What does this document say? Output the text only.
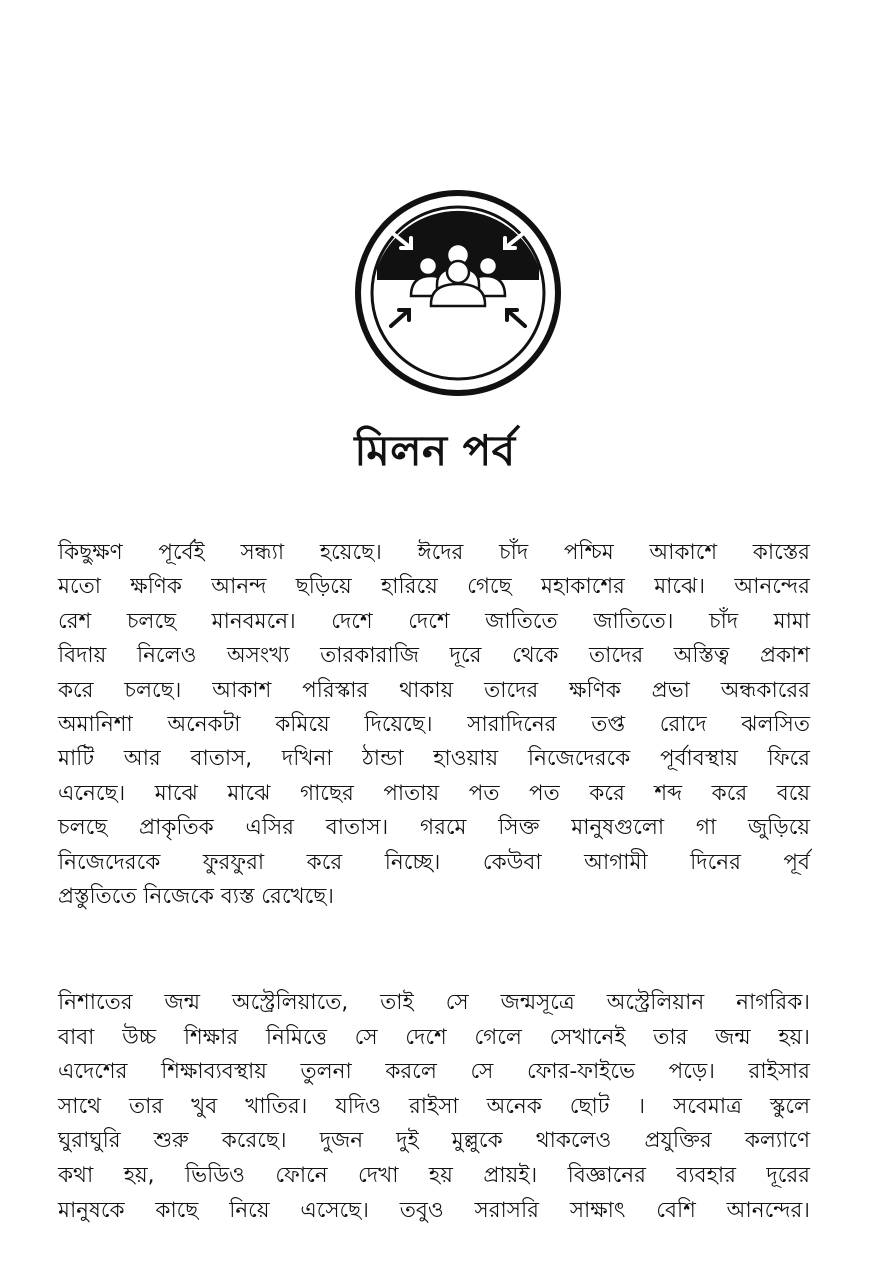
মিলন পর্ব
কিছুক্ষণ পূর্বেই সন্ধ্যা হয়েছে। ঈদের চাঁদ পশ্চিম আকাশে কাস্তের
মতো ক্ষণিক আনন্দ ছড়িয়ে হারিয়ে গেছে মহাকাশের মাঝে। আনন্দের
রেশ চলছে মানবমনে। দেশে দেশে জাতিতে জাতিতে। চাঁদ মামা
বিদায় নিলেও অসংখ্য তারকারাজি দূরে থেকে তাদের অস্তিত্ব প্রকাশ
করে চলছে। আকাশ পরিস্কার থাকায় তাদের ক্ষণিক প্রভা অন্ধকারের
অমানিশা অনেকটা কমিয়ে দিয়েছে। সারাদিনের তপ্ত রোদে ঝলসিত
মাটি আর বাতাস, দখিনা ঠান্ডা হাওয়ায় নিজেদেরকে পূর্বাবস্থায় ফিরে
এনেছে। মাঝে মাঝে গাছের পাতায় পত পত করে শব্দ করে বয়ে
চলছে প্রাকৃতিক এসির বাতাস। গরমে সিক্ত মানুষগুলো গা জুড়িয়ে
নিজেদেরকে ফুরফুরা করে নিচ্ছে। কেউবা আগামী দিনের পূর্ব
প্রস্তুতিতে নিজেকে ব্যস্ত রেখেছে।
নিশাতের জন্ম অস্ট্রেলিয়াতে, তাই সে জন্মসূত্রে অস্ট্রেলিয়ান নাগরিক।
বাবা উচ্চ শিক্ষার নিমিত্তে সে দেশে গেলে সেখানেই তার জন্ম হয়।
এদেশের শিক্ষাব্যবস্থায় তুলনা করলে সে ফোর-ফাইভে পড়ে। রাইসার
সাথে তার খুব খাতির। যদিও রাইসা অনেক ছোট । সবেমাত্র স্কুলে
ঘুরাঘুরি শুরু করেছে। দুজন দুই মুল্লুকে থাকলেও প্রযুক্তির কল্যাণে
কথা হয়, ভিডিও ফোনে দেখা হয় প্রায়ই। বিজ্ঞানের ব্যবহার দূরের
মানুষকে কাছে নিয়ে এসেছে। তবুও সরাসরি সাক্ষাৎ বেশি আনন্দের।
